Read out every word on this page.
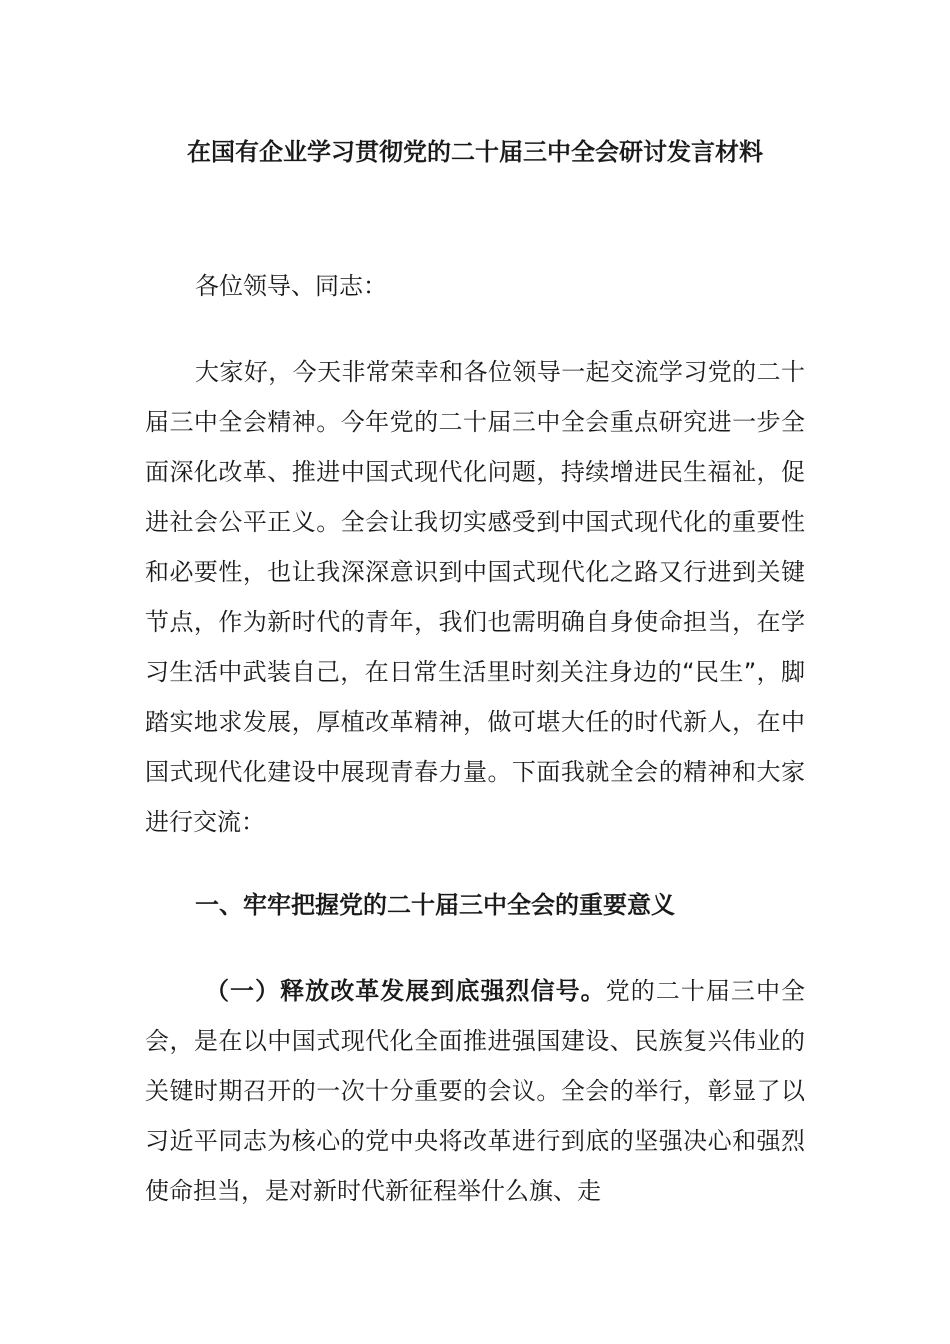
在国有企业学习贯彻党的二十届三中全会研讨发言材料
各位领导、同志：

大家好，今天非常荣幸和各位领导一起交流学习党的二十届三中全会精神。今年党的二十届三中全会重点研究进一步全面深化改革、推进中国式现代化问题，持续增进民生福祉，促进社会公平正义。全会让我切实感受到中国式现代化的重要性和必要性，也让我深深意识到中国式现代化之路又行进到关键节点，作为新时代的青年，我们也需明确自身使命担当，在学习生活中武装自己，在日常生活里时刻关注身边的“民生”，脚踏实地求发展，厚植改革精神，做可堪大任的时代新人，在中国式现代化建设中展现青春力量。下面我就全会的精神和大家进行交流：

一、牢牢把握党的二十届三中全会的重要意义

（一）释放改革发展到底强烈信号。党的二十届三中全会，是在以中国式现代化全面推进强国建设、民族复兴伟业的关键时期召开的一次十分重要的会议。全会的举行，彰显了以习近平同志为核心的党中央将改革进行到底的坚强决心和强烈使命担当，是对新时代新征程举什么旗、走
